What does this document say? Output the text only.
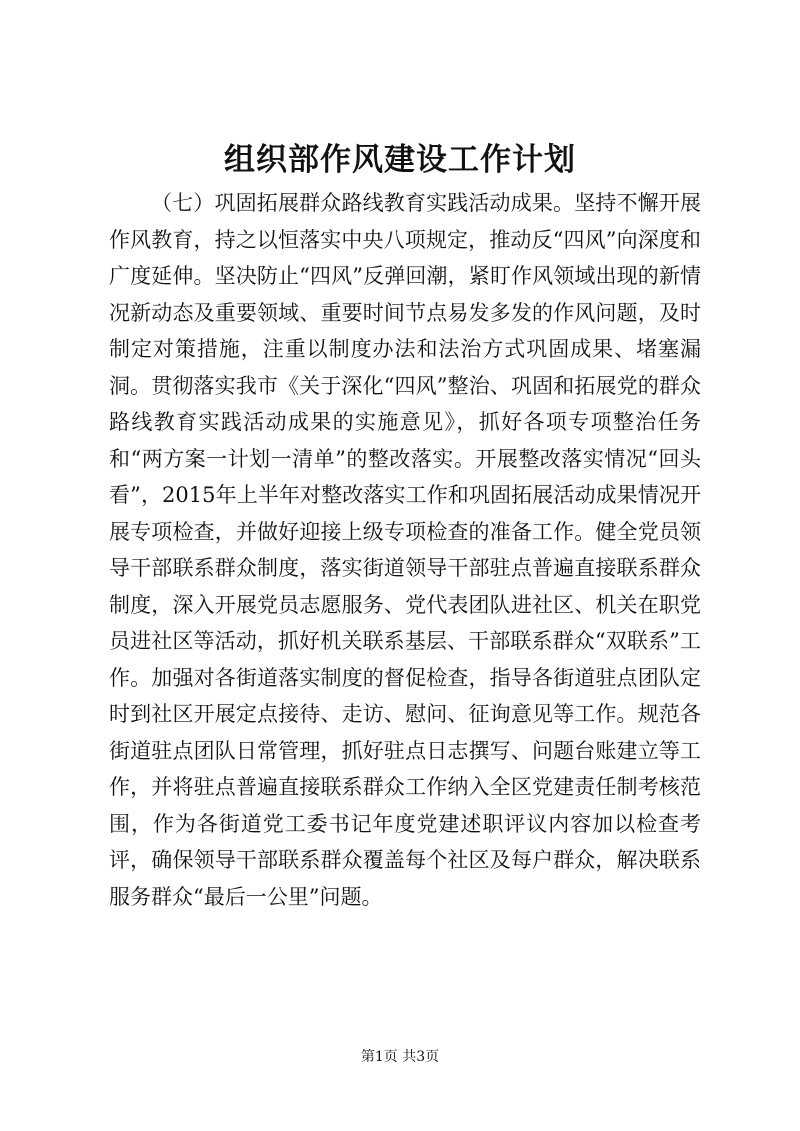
组织部作风建设工作计划

（七）巩固拓展群众路线教育实践活动成果。坚持不懈开展作风教育，持之以恒落实中央八项规定，推动反“四风”向深度和广度延伸。坚决防止“四风”反弹回潮，紧盯作风领域出现的新情况新动态及重要领域、重要时间节点易发多发的作风问题，及时制定对策措施，注重以制度办法和法治方式巩固成果、堵塞漏洞。贯彻落实我市《关于深化“四风”整治、巩固和拓展党的群众路线教育实践活动成果的实施意见》，抓好各项专项整治任务和“两方案一计划一清单”的整改落实。开展整改落实情况“回头看”，2015年上半年对整改落实工作和巩固拓展活动成果情况开展专项检查，并做好迎接上级专项检查的准备工作。健全党员领导干部联系群众制度，落实街道领导干部驻点普遍直接联系群众制度，深入开展党员志愿服务、党代表团队进社区、机关在职党员进社区等活动，抓好机关联系基层、干部联系群众“双联系”工作。加强对各街道落实制度的督促检查，指导各街道驻点团队定时到社区开展定点接待、走访、慰问、征询意见等工作。规范各街道驻点团队日常管理，抓好驻点日志撰写、问题台账建立等工作，并将驻点普遍直接联系群众工作纳入全区党建责任制考核范围，作为各街道党工委书记年度党建述职评议内容加以检查考评，确保领导干部联系群众覆盖每个社区及每户群众，解决联系服务群众“最后一公里”问题。

第1页 共3页
